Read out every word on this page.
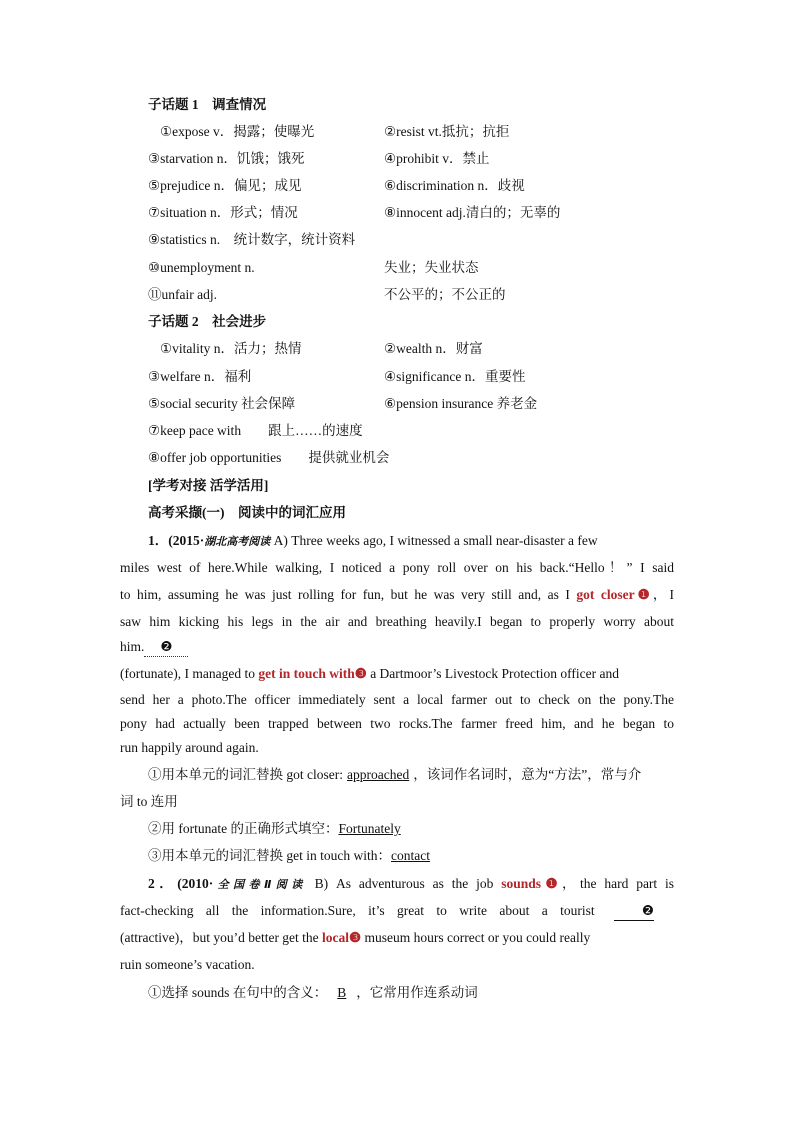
子话题 1　调查情况
①expose v．揭露；使曝光	②resist vt.抵抗；抗拒
③starvation n．饥饿；饿死	④prohibit v．禁止
⑤prejudice n．偏见；成见	⑥discrimination n．歧视
⑦situation n．形式；情况	⑧innocent adj.清白的；无辜的
⑨statistics n.　统计数字，统计资料
⑩unemployment n.	失业；失业状态
⑪unfair adj.	不公平的；不公正的
子话题 2　社会进步
①vitality n．活力；热情	②wealth n．财富
③welfare n．福利	④significance n．重要性
⑤social security 社会保障	⑥pension insurance 养老金
⑦keep pace with　　跟上……的速度
⑧offer job opportunities　　提供就业机会
[学考对接 活学活用]
高考采撷(一)　阅读中的词汇应用
1．(2015·湖北高考阅读 A) Three weeks ago, I witnessed a small near-disaster a few
miles west of here.While walking, I noticed a pony roll over on his back.“Hello！” I said
to him, assuming he was just rolling for fun, but he was very still and, as I got closer❶，I
saw him kicking his legs in the air and breathing heavily.I began to properly worry about
him. ❷
(fortunate), I managed to get in touch with❸ a Dartmoor’s Livestock Protection officer and
send her a photo.The officer immediately sent a local farmer out to check on the pony.The
pony had actually been trapped between two rocks.The farmer freed him, and he began to
run happily around again.
①用本单元的词汇替换 got closer: approached ，该词作名词时，意为“方法”，常与介
词 to 连用
②用 fortunate 的正确形式填空：Fortunately
③用本单元的词汇替换 get in touch with：contact
2．(2010·全国卷Ⅱ阅读 B) As adventurous as the job sounds❶，the hard part is
fact-checking all the information.Sure, it’s great to write about a tourist	❷
(attractive)，but you’d better get the local❸ museum hours correct or you could really
ruin someone’s vacation.
①选择 sounds 在句中的含义： B ，它常用作连系动词
